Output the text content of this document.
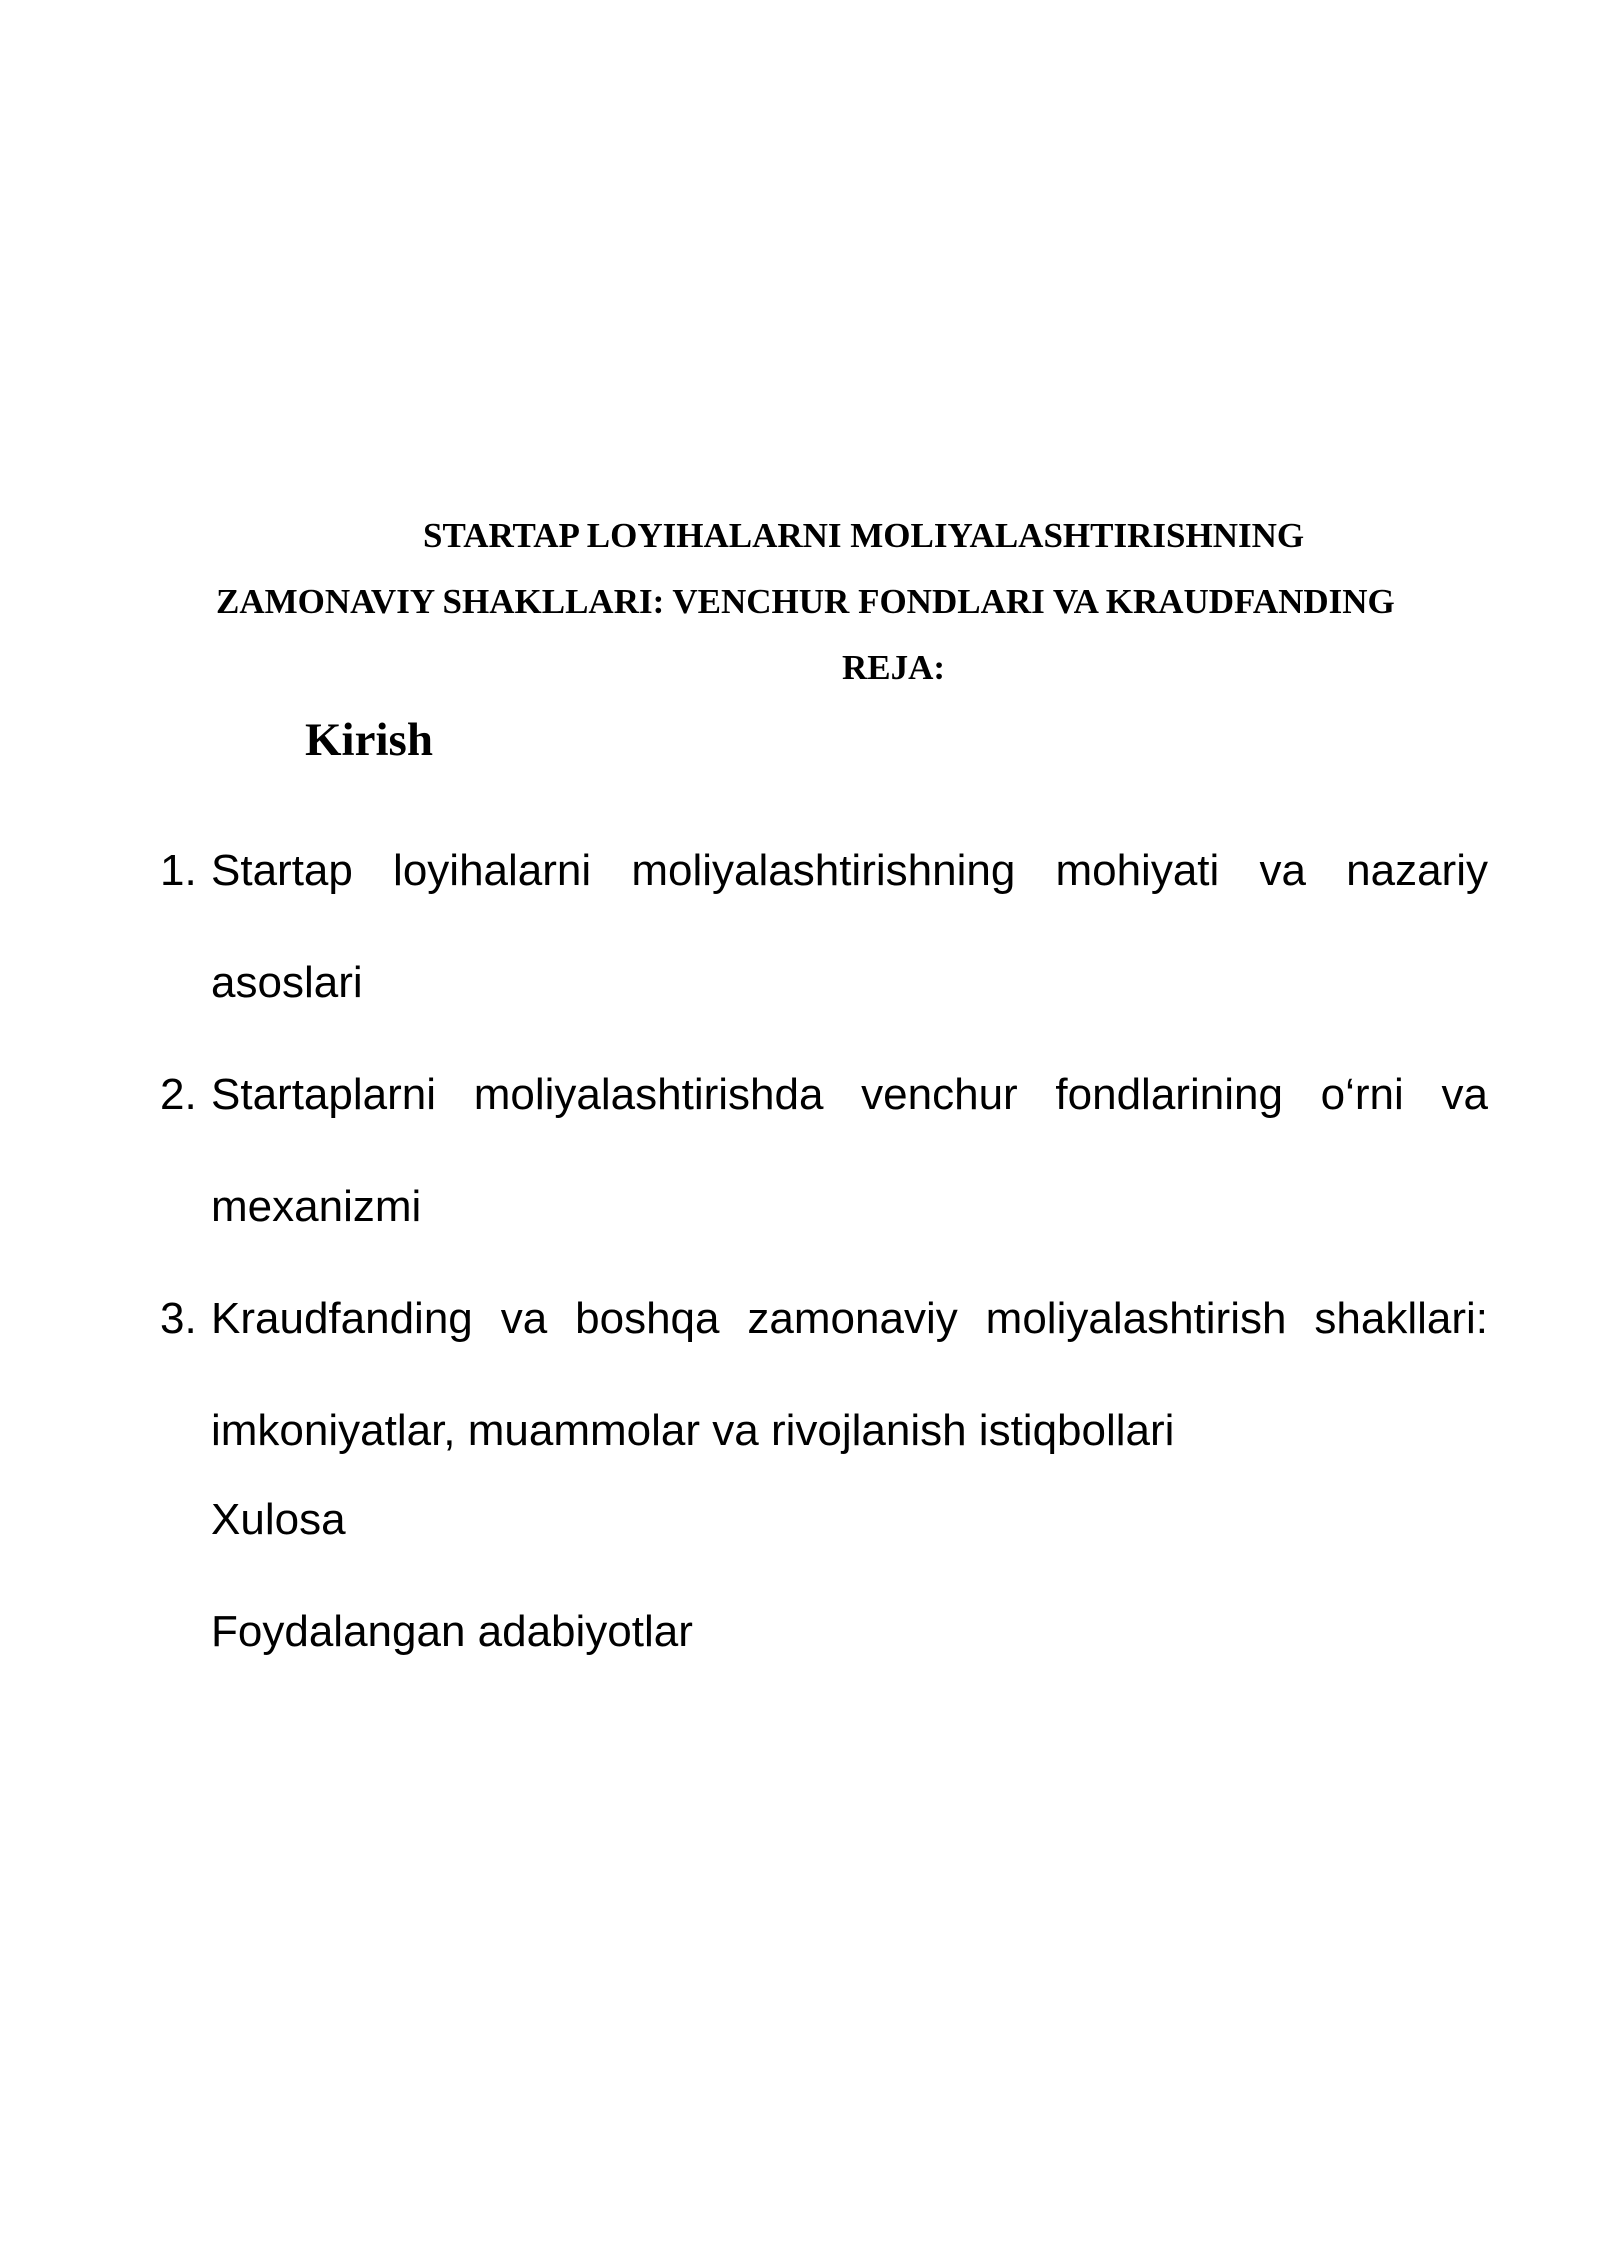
STARTAP LOYIHALARNI MOLIYALASHTIRISHNING
ZAMONAVIY SHAKLLARI: VENCHUR FONDLARI VA KRAUDFANDING
REJA:
Kirish
1. Startap loyihalarni moliyalashtirishning mohiyati va nazariy asoslari
2. Startaplarni moliyalashtirishda venchur fondlarining o‘rni va mexanizmi
3. Kraudfanding va boshqa zamonaviy moliyalashtirish shakllari: imkoniyatlar, muammolar va rivojlanish istiqbollari
Xulosa
Foydalangan adabiyotlar
